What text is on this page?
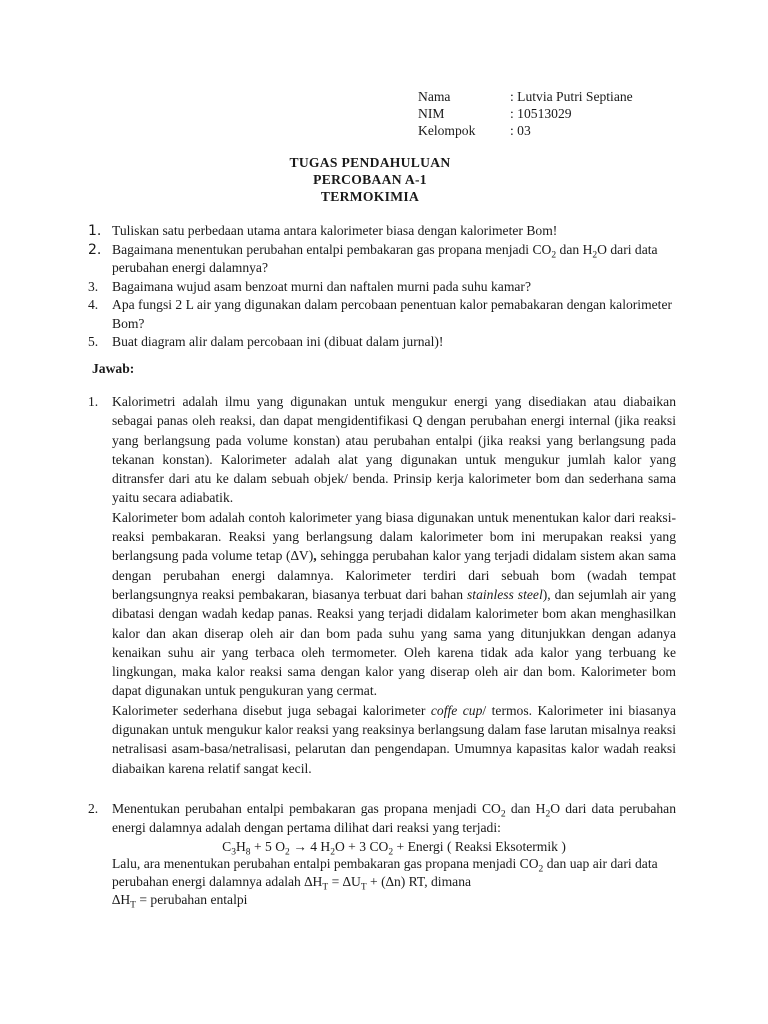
Nama	: Lutvia Putri Septiane
NIM	: 10513029
Kelompok	: 03
TUGAS PENDAHULUAN
PERCOBAAN A-1
TERMOKIMIA
1. Tuliskan satu perbedaan utama antara kalorimeter biasa dengan kalorimeter Bom!
2. Bagaimana menentukan perubahan entalpi pembakaran gas propana menjadi $CO_2$ dan $H_2O$ dari data perubahan energi dalamnya?
3.	Bagaimana wujud asam benzoat murni dan naftalen murni pada suhu kamar?
4.	Apa fungsi 2 L air yang digunakan dalam percobaan penentuan kalor pemabakaran dengan kalorimeter Bom?
5.	Buat diagram alir dalam percobaan ini (dibuat dalam jurnal)!
Jawab:
1.	Kalorimetri adalah ilmu yang digunakan untuk mengukur energi yang disediakan atau diabaikan sebagai panas oleh reaksi, dan dapat mengidentifikasi Q dengan perubahan energi internal (jika reaksi yang berlangsung pada volume konstan) atau perubahan entalpi (jika reaksi yang berlangsung pada tekanan konstan). Kalorimeter adalah alat yang digunakan untuk mengukur jumlah kalor yang ditransfer dari atu ke dalam sebuah objek/ benda. Prinsip kerja kalorimeter bom dan sederhana sama yaitu secara adiabatik.

Kalorimeter bom adalah contoh kalorimeter yang biasa digunakan untuk menentukan kalor dari reaksi-reaksi pembakaran. Reaksi yang berlangsung dalam kalorimeter bom ini merupakan reaksi yang berlangsung pada volume tetap (∆V), sehingga perubahan kalor yang terjadi didalam sistem akan sama dengan perubahan energi dalamnya. Kalorimeter terdiri dari sebuah bom (wadah tempat berlangsungnya reaksi pembakaran, biasanya terbuat dari bahan stainless steel), dan sejumlah air yang dibatasi dengan wadah kedap panas. Reaksi yang terjadi didalam kalorimeter bom akan menghasilkan kalor dan akan diserap oleh air dan bom pada suhu yang sama yang ditunjukkan dengan adanya kenaikan suhu air yang terbaca oleh termometer. Oleh karena tidak ada kalor yang terbuang ke lingkungan, maka kalor reaksi sama dengan kalor yang diserap oleh air dan bom. Kalorimeter bom dapat digunakan untuk pengukuran yang cermat.

Kalorimeter sederhana disebut juga sebagai kalorimeter coffe cup/ termos. Kalorimeter ini biasanya digunakan untuk mengukur kalor reaksi yang reaksinya berlangsung dalam fase larutan misalnya reaksi netralisasi asam-basa/netralisasi, pelarutan dan pengendapan. Umumnya kapasitas kalor wadah reaksi diabaikan karena relatif sangat kecil.

2.	Menentukan perubahan entalpi pembakaran gas propana menjadi $CO_2$ dan $H_2O$ dari data perubahan energi dalamnya adalah dengan pertama dilihat dari reaksi yang terjadi:

$C_3H_8 + 5$ $O_2 \to 4$ $H_2O + 3$ $CO_2$ + Energi ( Reaksi Eksotermik )

Lalu, ara menentukan perubahan entalpi pembakaran gas propana menjadi $CO_2$ dan uap air dari data perubahan energi dalamnya adalah $\Delta H_T = \Delta U_T + (\Delta n)$ RT, dimana

$\Delta H_T$ = perubahan entalpi
